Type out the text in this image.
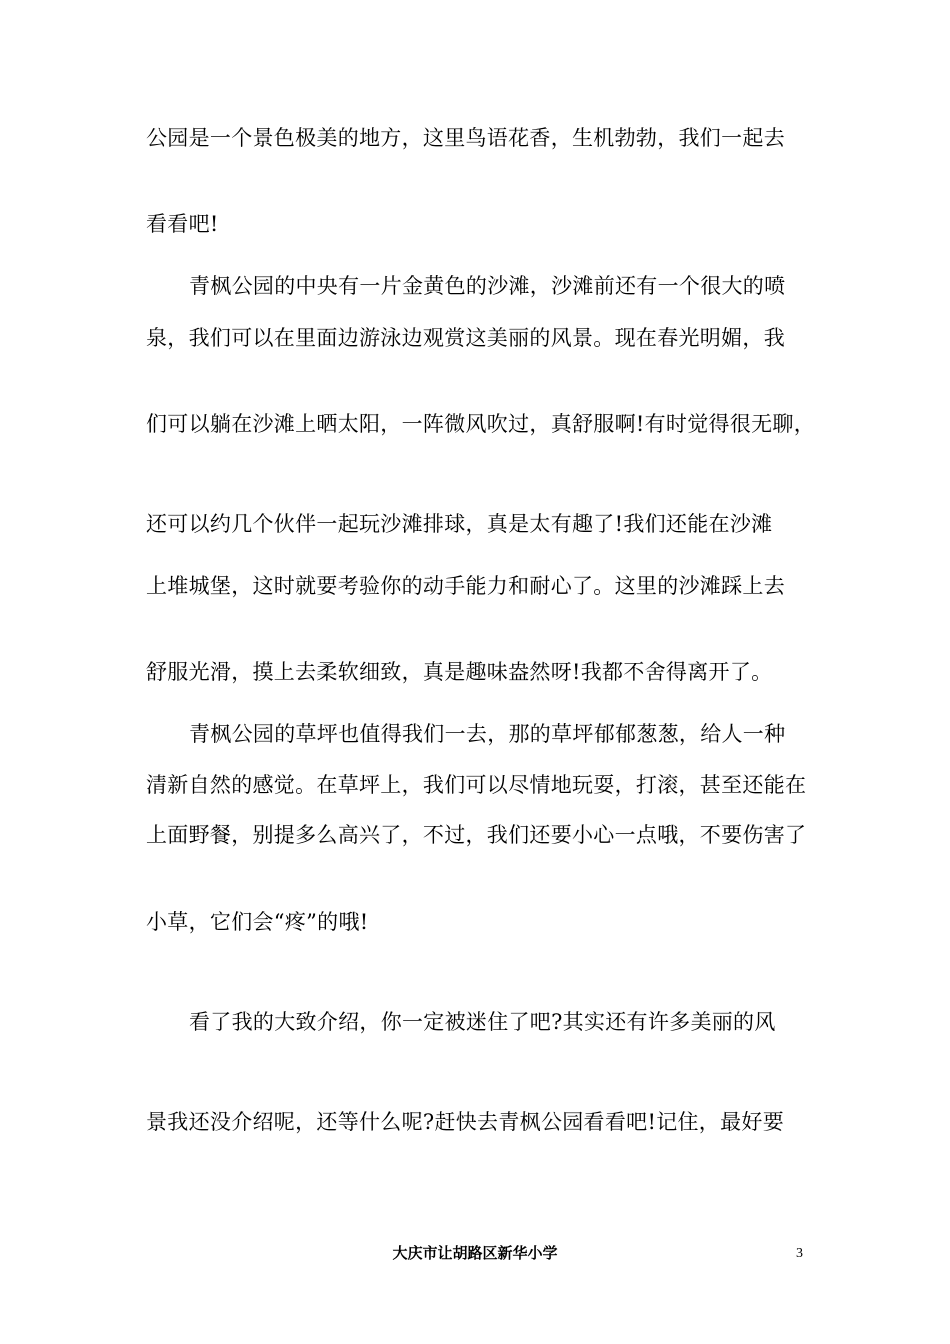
公园是一个景色极美的地方，这里鸟语花香，生机勃勃，我们一起去
看看吧!
青枫公园的中央有一片金黄色的沙滩，沙滩前还有一个很大的喷
泉，我们可以在里面边游泳边观赏这美丽的风景。现在春光明媚，我
们可以躺在沙滩上晒太阳，一阵微风吹过，真舒服啊!有时觉得很无聊，
还可以约几个伙伴一起玩沙滩排球，真是太有趣了!我们还能在沙滩
上堆城堡，这时就要考验你的动手能力和耐心了。这里的沙滩踩上去
舒服光滑，摸上去柔软细致，真是趣味盎然呀!我都不舍得离开了。
青枫公园的草坪也值得我们一去，那的草坪郁郁葱葱，给人一种
清新自然的感觉。在草坪上，我们可以尽情地玩耍，打滚，甚至还能在
上面野餐，别提多么高兴了，不过，我们还要小心一点哦，不要伤害了
小草，它们会“疼”的哦!
看了我的大致介绍，你一定被迷住了吧?其实还有许多美丽的风
景我还没介绍呢，还等什么呢?赶快去青枫公园看看吧!记住，最好要
大庆市让胡路区新华小学	3
